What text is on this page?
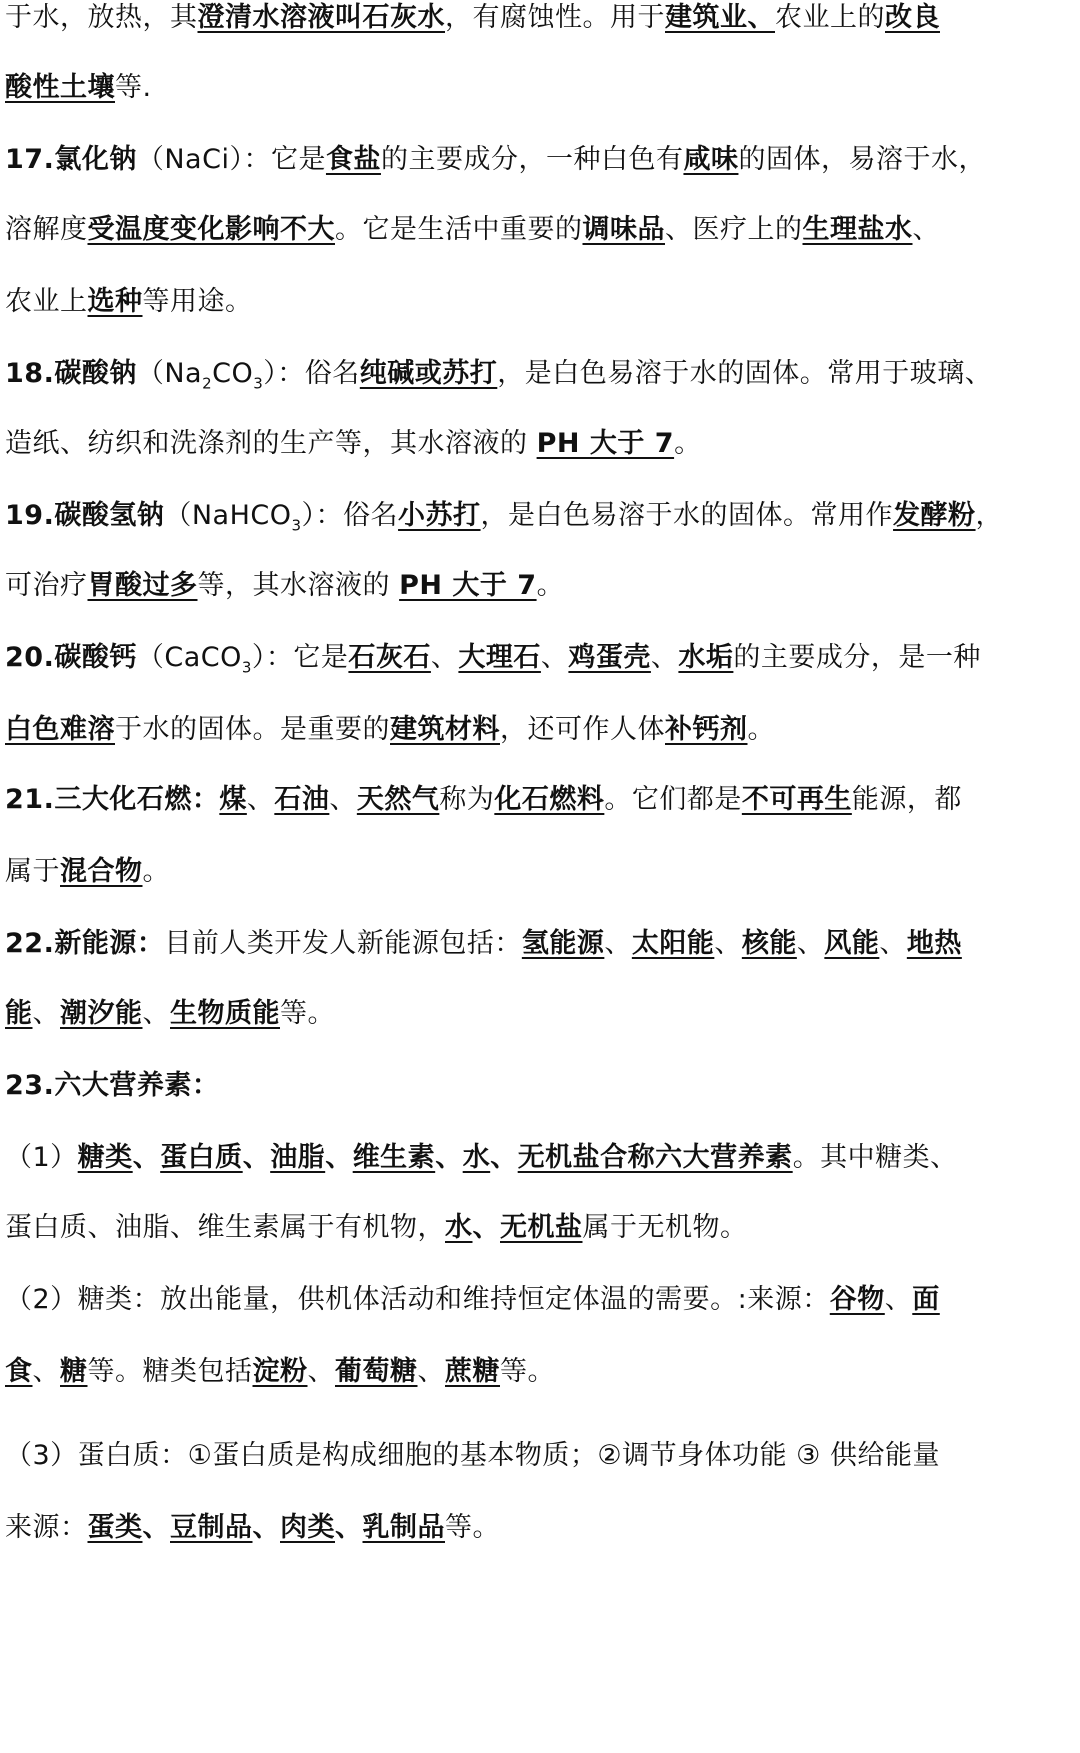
于水，放热，其澄清水溶液叫石灰水，有腐蚀性。用于建筑业、农业上的改良
酸性土壤等.
17.氯化钠（NaCi）：它是食盐的主要成分，一种白色有咸味的固体，易溶于水，
溶解度受温度变化影响不大。它是生活中重要的调味品、医疗上的生理盐水、
农业上选种等用途。
18.碳酸钠$(Na_2CO_3)$：俗名纯碱或苏打，是白色易溶于水的固体。常用于玻璃、
造纸、纺织和洗涤剂的生产等，其水溶液的 PH 大于 7。
19.碳酸氢钠（NaHCO$_3$）：俗名小苏打，是白色易溶于水的固体。常用作发酵粉，
可治疗胃酸过多等，其水溶液的 PH 大于 7。
20.碳酸钙（CaCO$_3$）：它是石灰石、大理石、鸡蛋壳、水垢的主要成分，是一种
白色难溶于水的固体。是重要的建筑材料，还可作人体补钙剂。
21.三大化石燃：煤、石油、天然气称为化石燃料。它们都是不可再生能源，都
属于混合物。
22.新能源：目前人类开发人新能源包括：氢能源、太阳能、核能、风能、地热
能、潮汐能、生物质能等。
23.六大营养素：
（1）糖类、蛋白质、油脂、维生素、水、无机盐合称六大营养素。其中糖类、
蛋白质、油脂、维生素属于有机物，水、无机盐属于无机物。
（2）糖类：放出能量，供机体活动和维持恒定体温的需要。:来源：谷物、面
食、糖等。糖类包括淀粉、葡萄糖、蔗糖等。
（3）蛋白质：①蛋白质是构成细胞的基本物质；②调节身体功能 ③ 供给能量
来源：蛋类、豆制品、肉类、乳制品等。
